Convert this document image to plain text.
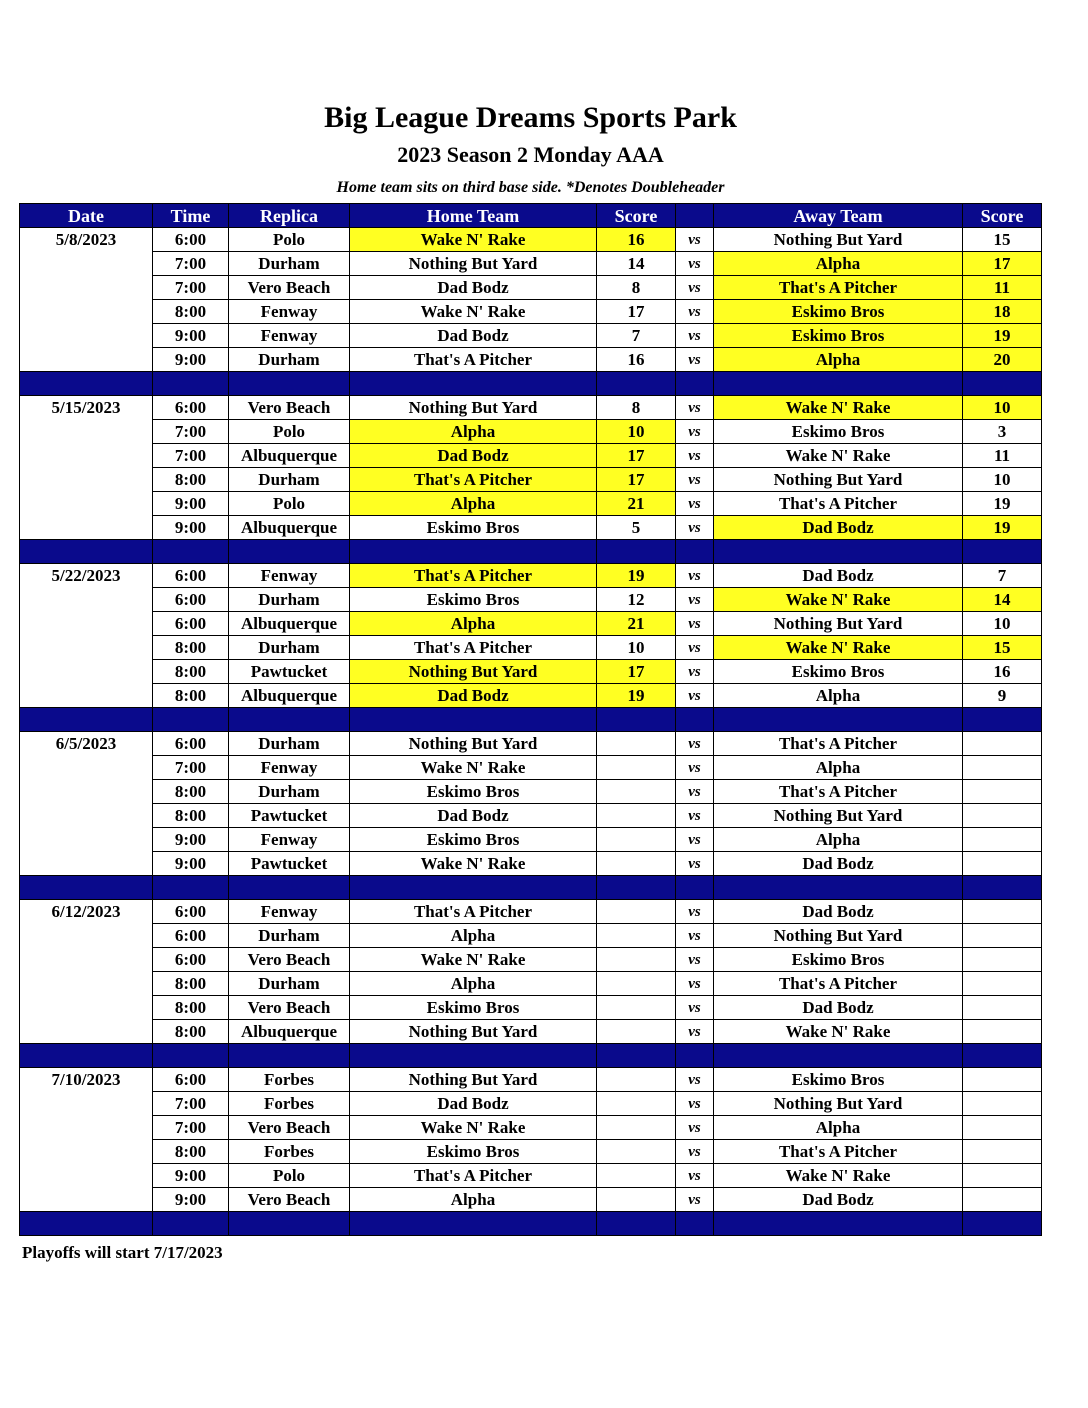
Big League Dreams Sports Park
2023 Season 2 Monday AAA
Home team sits on third base side. *Denotes Doubleheader
Date	Time	Replica	Home Team	Score		Away Team	Score
5/8/2023	6:00	Polo	Wake N' Rake	16	vs	Nothing But Yard	15
	7:00	Durham	Nothing But Yard	14	vs	Alpha	17
	7:00	Vero Beach	Dad Bodz	8	vs	That's A Pitcher	11
	8:00	Fenway	Wake N' Rake	17	vs	Eskimo Bros	18
	9:00	Fenway	Dad Bodz	7	vs	Eskimo Bros	19
	9:00	Durham	That's A Pitcher	16	vs	Alpha	20

5/15/2023	6:00	Vero Beach	Nothing But Yard	8	vs	Wake N' Rake	10
	7:00	Polo	Alpha	10	vs	Eskimo Bros	3
	7:00	Albuquerque	Dad Bodz	17	vs	Wake N' Rake	11
	8:00	Durham	That's A Pitcher	17	vs	Nothing But Yard	10
	9:00	Polo	Alpha	21	vs	That's A Pitcher	19
	9:00	Albuquerque	Eskimo Bros	5	vs	Dad Bodz	19

5/22/2023	6:00	Fenway	That's A Pitcher	19	vs	Dad Bodz	7
	6:00	Durham	Eskimo Bros	12	vs	Wake N' Rake	14
	6:00	Albuquerque	Alpha	21	vs	Nothing But Yard	10
	8:00	Durham	That's A Pitcher	10	vs	Wake N' Rake	15
	8:00	Pawtucket	Nothing But Yard	17	vs	Eskimo Bros	16
	8:00	Albuquerque	Dad Bodz	19	vs	Alpha	9

6/5/2023	6:00	Durham	Nothing But Yard		vs	That's A Pitcher	
	7:00	Fenway	Wake N' Rake		vs	Alpha	
	8:00	Durham	Eskimo Bros		vs	That's A Pitcher	
	8:00	Pawtucket	Dad Bodz		vs	Nothing But Yard	
	9:00	Fenway	Eskimo Bros		vs	Alpha	
	9:00	Pawtucket	Wake N' Rake		vs	Dad Bodz	

6/12/2023	6:00	Fenway	That's A Pitcher		vs	Dad Bodz	
	6:00	Durham	Alpha		vs	Nothing But Yard	
	6:00	Vero Beach	Wake N' Rake		vs	Eskimo Bros	
	8:00	Durham	Alpha		vs	That's A Pitcher	
	8:00	Vero Beach	Eskimo Bros		vs	Dad Bodz	
	8:00	Albuquerque	Nothing But Yard		vs	Wake N' Rake	

7/10/2023	6:00	Forbes	Nothing But Yard		vs	Eskimo Bros	
	7:00	Forbes	Dad Bodz		vs	Nothing But Yard	
	7:00	Vero Beach	Wake N' Rake		vs	Alpha	
	8:00	Forbes	Eskimo Bros		vs	That's A Pitcher	
	9:00	Polo	That's A Pitcher		vs	Wake N' Rake	
	9:00	Vero Beach	Alpha		vs	Dad Bodz	

Playoffs will start 7/17/2023
